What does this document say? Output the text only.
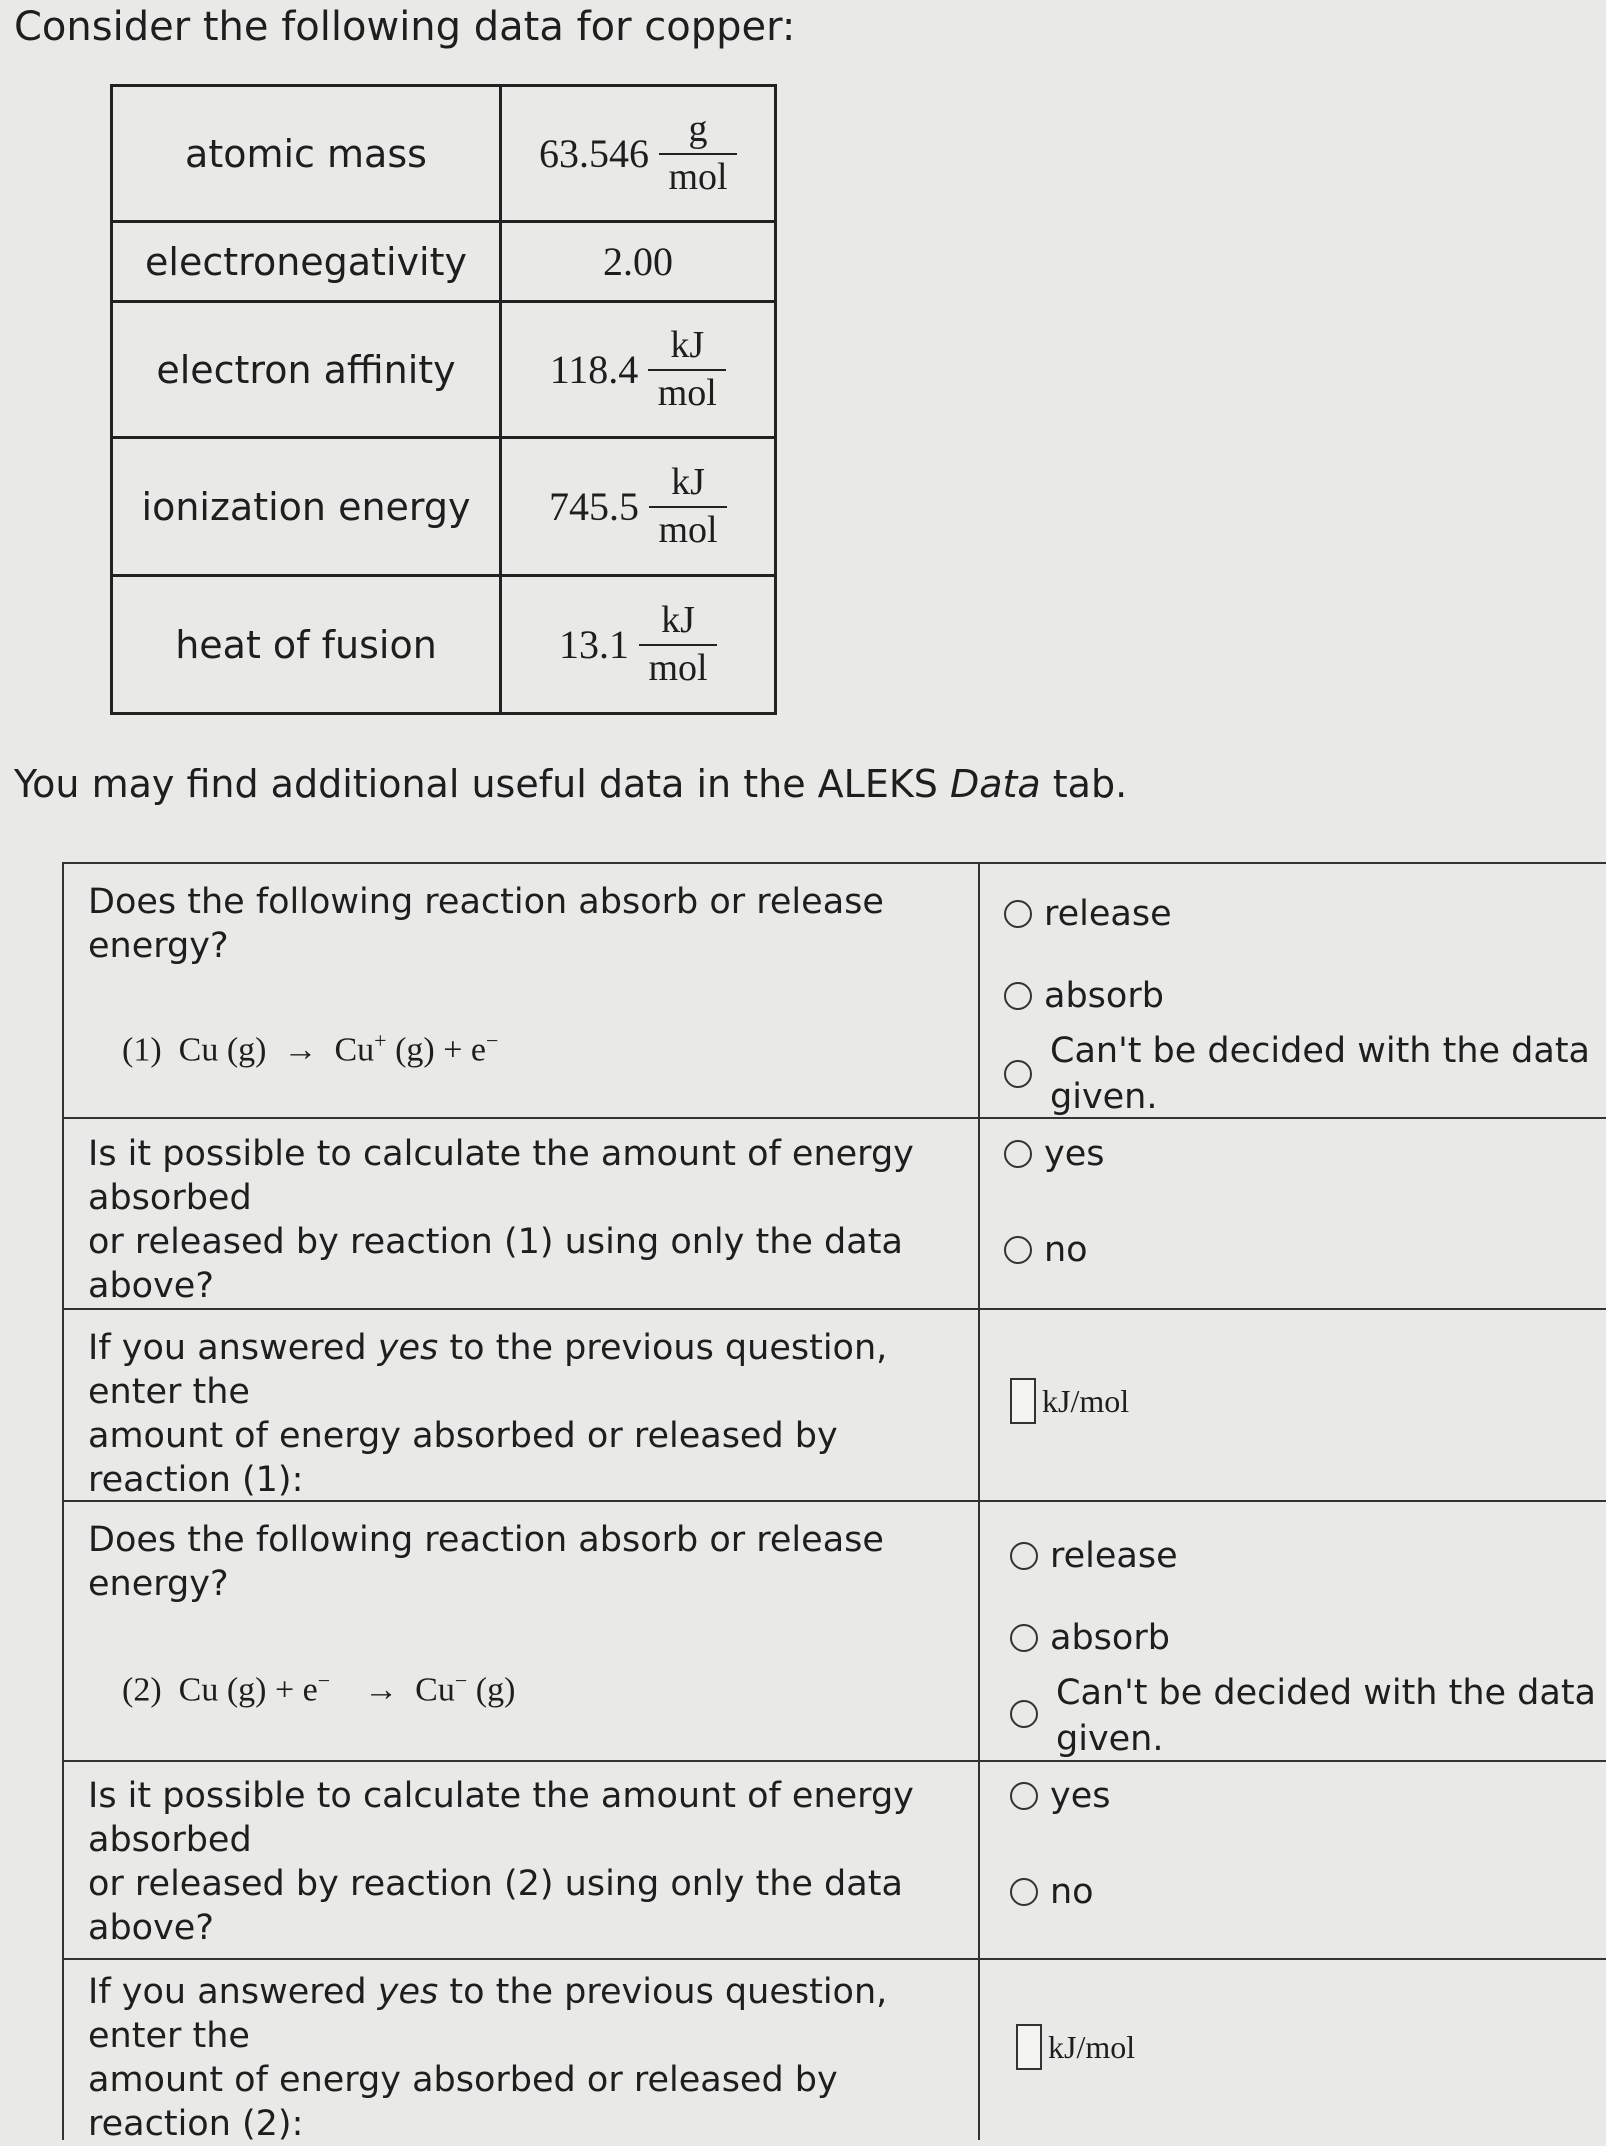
Consider the following data for copper:
atomic mass	$63.546 \frac{g}{\text{mol}}$

electronegativity	2.00
electron affinity	$118.4 \frac{kJ}{\text{mol}}$

ionization energy	$745.5 \frac{kJ}{\text{mol}}$

heat of fusion	$13.1 \frac{kJ}{\text{mol}}$
You may find additional useful data in the ALEKS Data tab.
Does the following reaction absorb or release energy?
(1) Cu (g) → Cu+ (g) + e−
release
absorb
Can't be decided with the data given.
Is it possible to calculate the amount of energy absorbed
or released by reaction (1) using only the data above?
yes
no
If you answered yes to the previous question, enter the
amount of energy absorbed or released by reaction (1):
kJ/mol
Does the following reaction absorb or release energy?
(2) Cu (g) + e− → Cu− (g)
release
absorb
Can't be decided with the data given.
Is it possible to calculate the amount of energy absorbed
or released by reaction (2) using only the data above?
yes
no
If you answered yes to the previous question, enter the
amount of energy absorbed or released by reaction (2):
kJ/mol
